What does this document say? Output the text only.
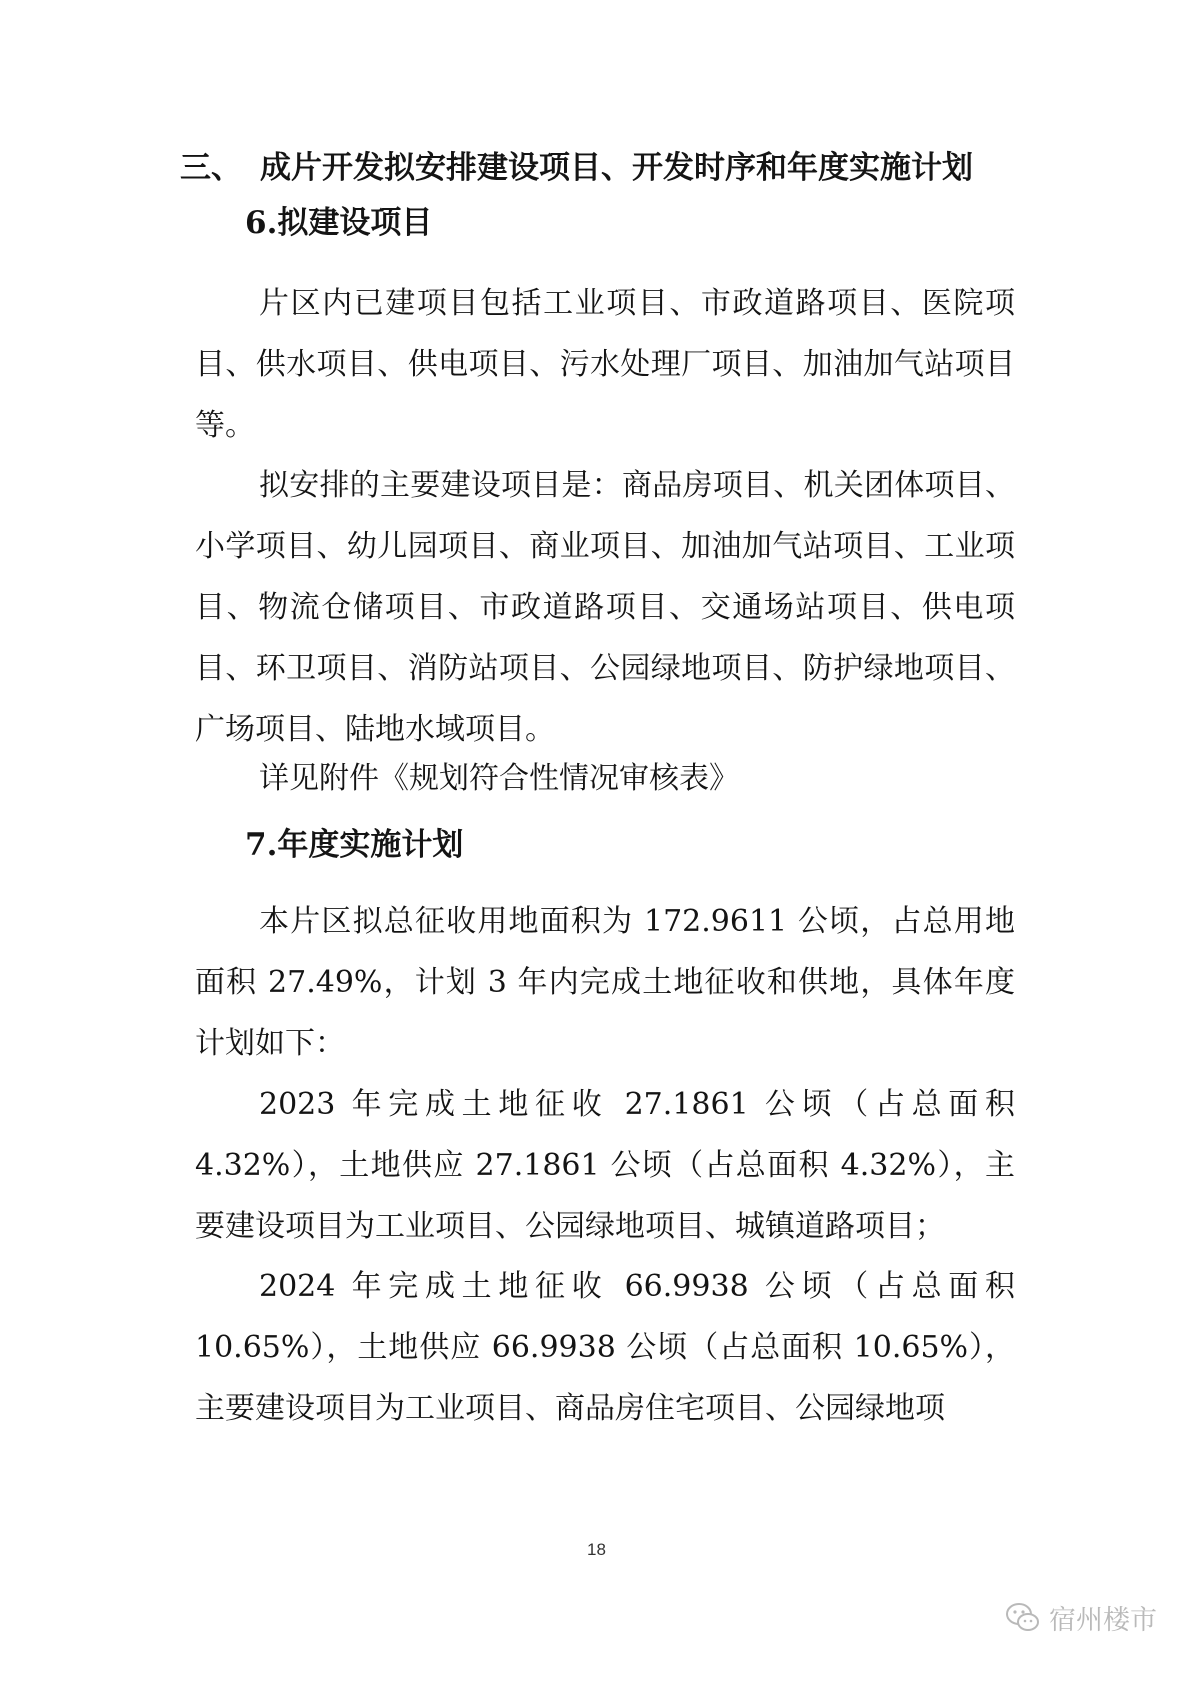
三、 成片开发拟安排建设项目、开发时序和年度实施计划
6.拟建设项目

片区内已建项目包括工业项目、市政道路项目、医院项目、供水项目、供电项目、污水处理厂项目、加油加气站项目等。

拟安排的主要建设项目是：商品房项目、机关团体项目、小学项目、幼儿园项目、商业项目、加油加气站项目、工业项目、物流仓储项目、市政道路项目、交通场站项目、供电项目、环卫项目、消防站项目、公园绿地项目、防护绿地项目、广场项目、陆地水域项目。

详见附件《规划符合性情况审核表》

7.年度实施计划

本片区拟总征收用地面积为 172.9611 公顷，占总用地面积 27.49%，计划 3 年内完成土地征收和供地，具体年度计划如下：

2023 年完成土地征收 27.1861 公顷（占总面积 4.32%），土地供应 27.1861 公顷（占总面积 4.32%），主要建设项目为工业项目、公园绿地项目、城镇道路项目；

2024 年完成土地征收 66.9938 公顷（占总面积 10.65%），土地供应 66.9938 公顷（占总面积 10.65%），主要建设项目为工业项目、商品房住宅项目、公园绿地项

18
宿州楼市
